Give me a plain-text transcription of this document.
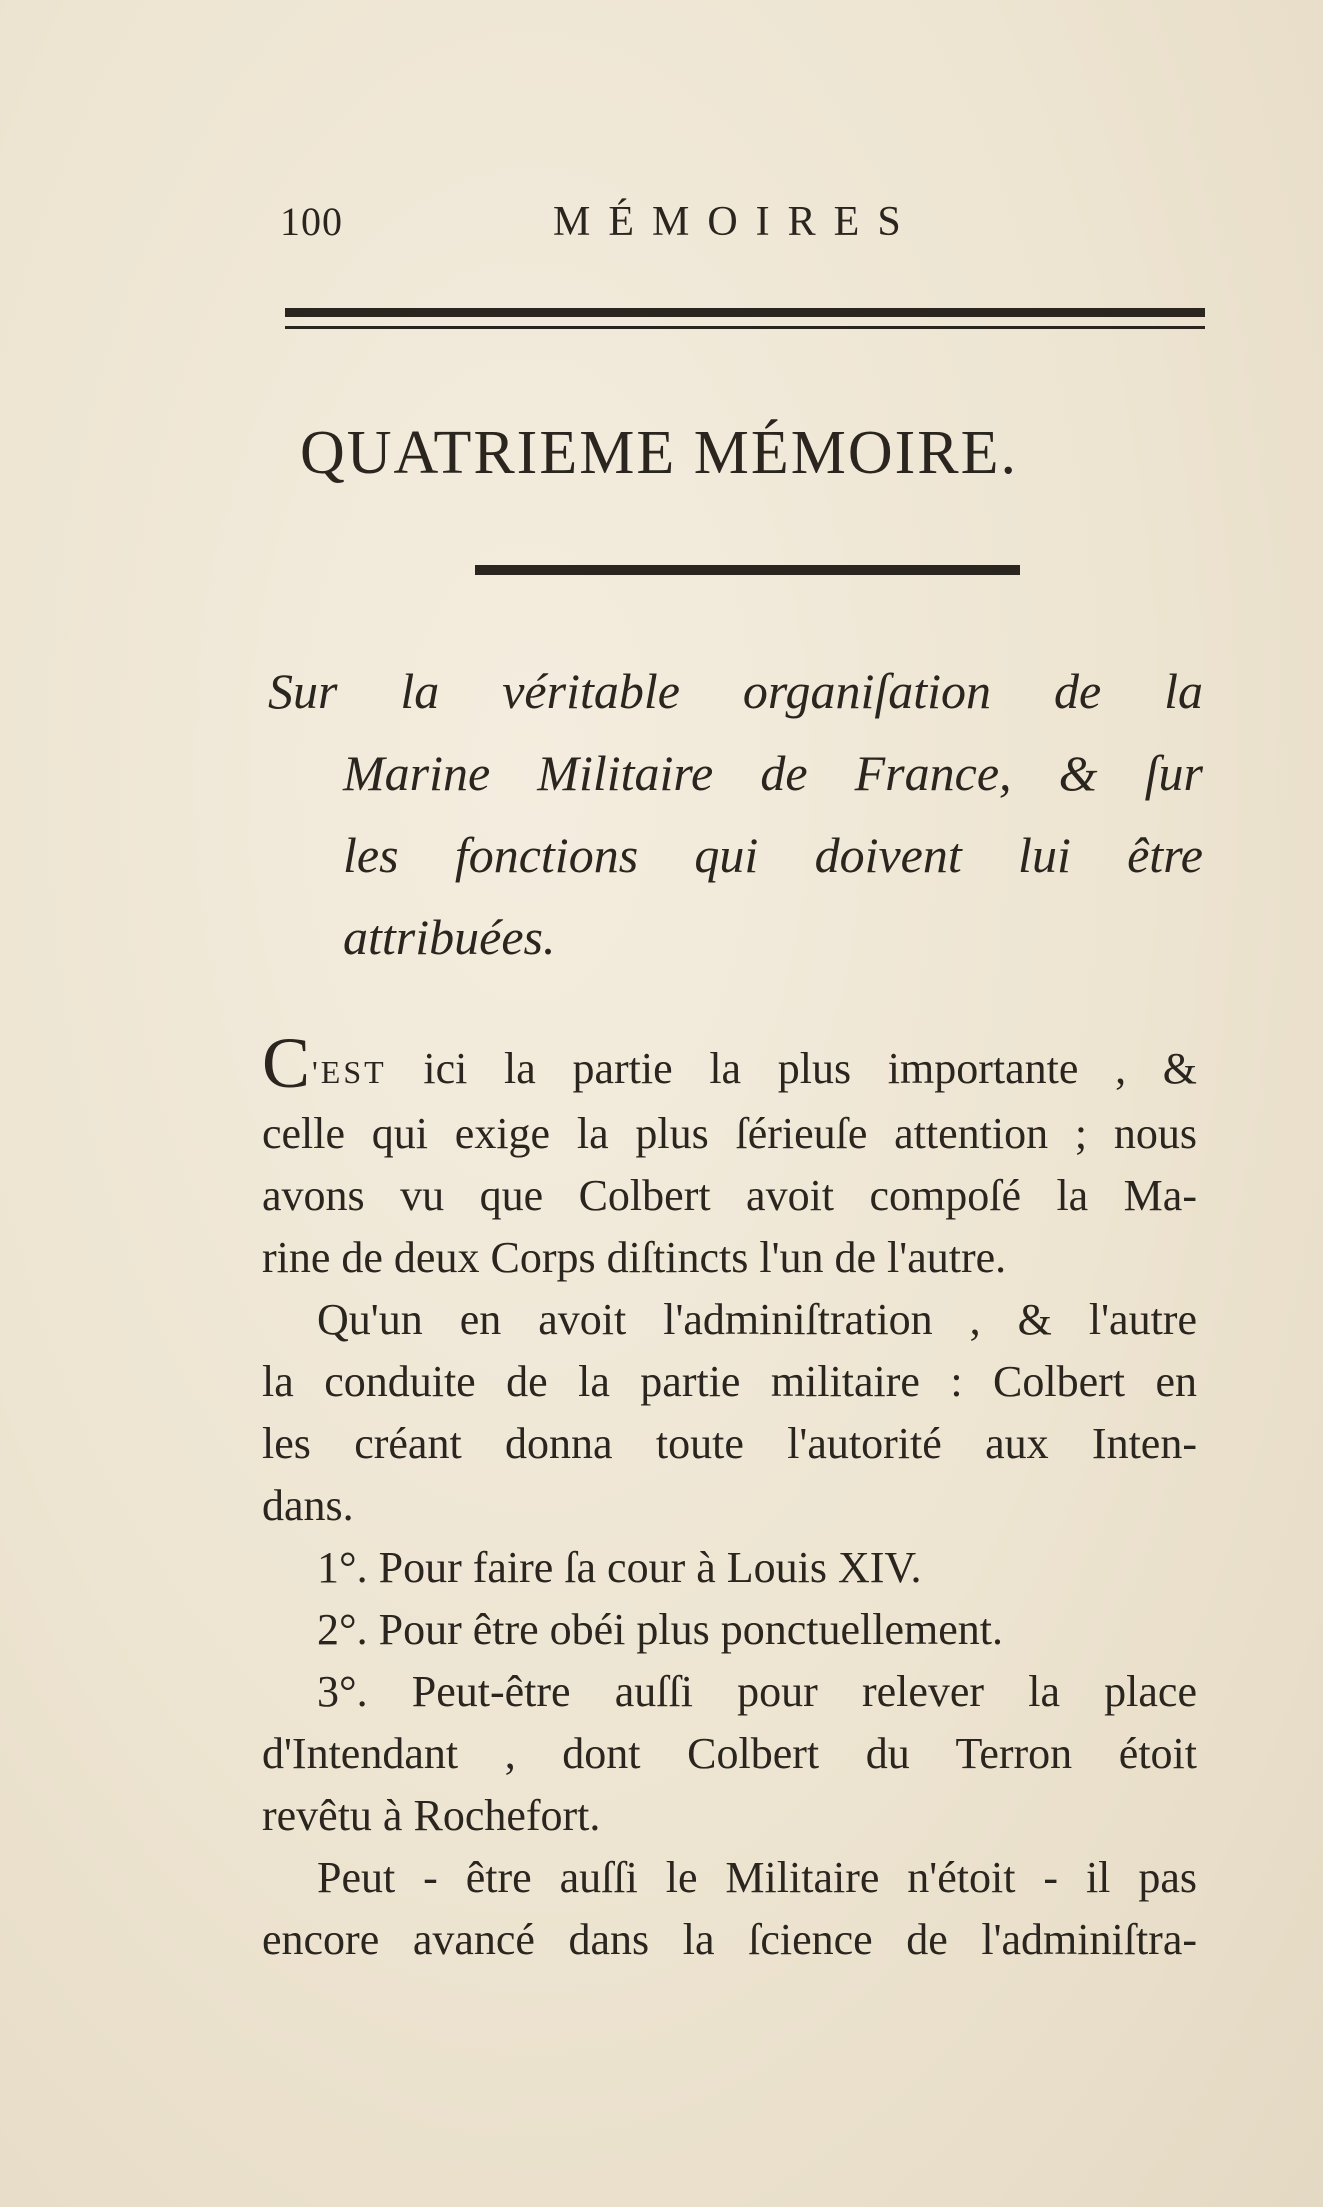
100	MÉMOIRES
QUATRIEME MÉMOIRE.
Sur la véritable organiſation de la
Marine Militaire de France, & ſur
les fonctions qui doivent lui être
attribuées.
C'EST ici la partie la plus importante , &
celle qui exige la plus ſérieuſe attention ; nous
avons vu que Colbert avoit compoſé la Ma-
rine de deux Corps diſtincts l'un de l'autre.
Qu'un en avoit l'adminiſtration , & l'autre
la conduite de la partie militaire : Colbert en
les créant donna toute l'autorité aux Inten-
dans.
1°. Pour faire ſa cour à Louis XIV.
2°. Pour être obéi plus ponctuellement.
3°. Peut-être auſſi pour relever la place
d'Intendant , dont Colbert du Terron étoit
revêtu à Rochefort.
Peut - être auſſi le Militaire n'étoit - il pas
encore avancé dans la ſcience de l'adminiſtra-
